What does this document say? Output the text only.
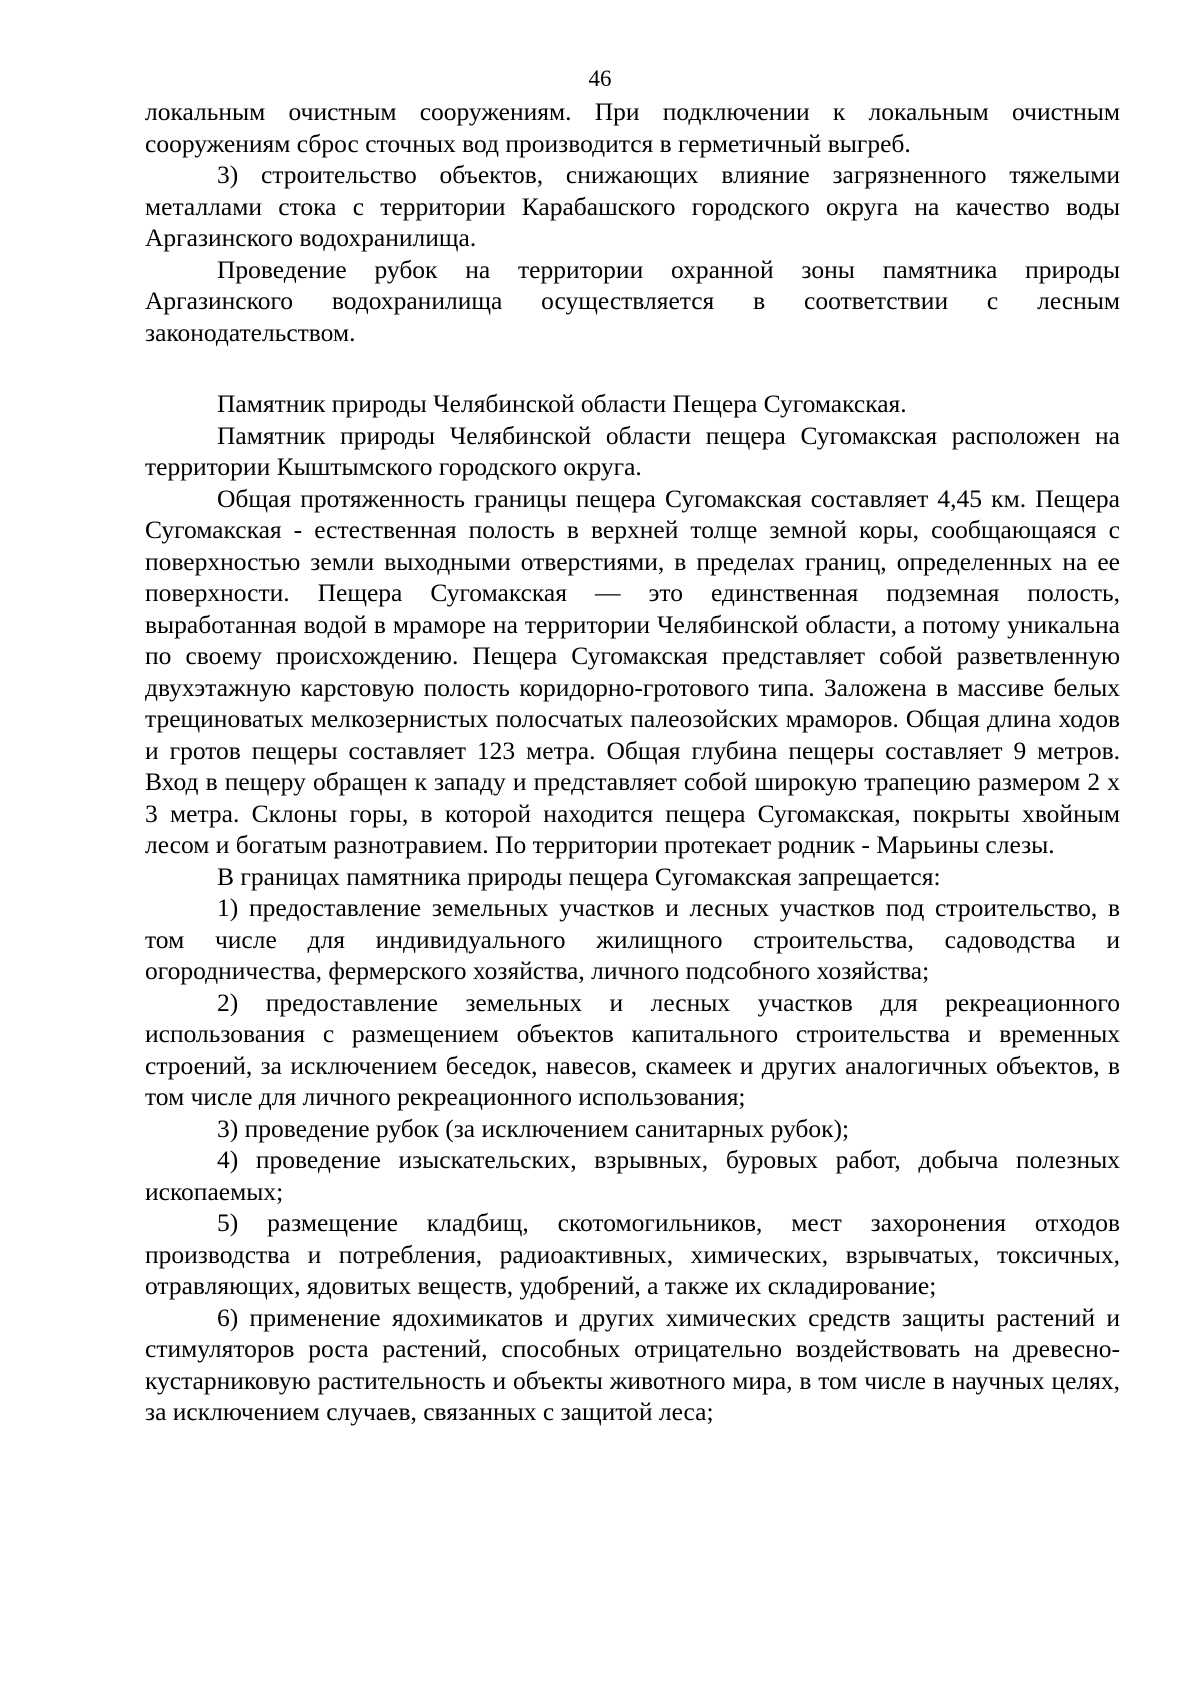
46

локальным очистным сооружениям. При подключении к локальным очистным сооружениям сброс сточных вод производится в герметичный выгреб.

3) строительство объектов, снижающих влияние загрязненного тяжелыми металлами стока с территории Карабашского городского округа на качество воды Аргазинского водохранилища.

Проведение рубок на территории охранной зоны памятника природы Аргазинского водохранилища осуществляется в соответствии с лесным законодательством.

Памятник природы Челябинской области Пещера Сугомакская.

Памятник природы Челябинской области пещера Сугомакская расположен на территории Кыштымского городского округа.

Общая протяженность границы пещера Сугомакская составляет 4,45 км. Пещера Сугомакская - естественная полость в верхней толще земной коры, сообщающаяся с поверхностью земли выходными отверстиями, в пределах границ, определенных на ее поверхности. Пещера Сугомакская — это единственная подземная полость, выработанная водой в мраморе на территории Челябинской области, а потому уникальна по своему происхождению. Пещера Сугомакская представляет собой разветвленную двухэтажную карстовую полость коридорно-гротового типа. Заложена в массиве белых трещиноватых мелкозернистых полосчатых палеозойских мраморов. Общая длина ходов и гротов пещеры составляет 123 метра. Общая глубина пещеры составляет 9 метров. Вход в пещеру обращен к западу и представляет собой широкую трапецию размером 2 х 3 метра. Склоны горы, в которой находится пещера Сугомакская, покрыты хвойным лесом и богатым разнотравием. По территории протекает родник - Марьины слезы.

В границах памятника природы пещера Сугомакская запрещается:

1) предоставление земельных участков и лесных участков под строительство, в том числе для индивидуального жилищного строительства, садоводства и огородничества, фермерского хозяйства, личного подсобного хозяйства;

2) предоставление земельных и лесных участков для рекреационного использования с размещением объектов капитального строительства и временных строений, за исключением беседок, навесов, скамеек и других аналогичных объектов, в том числе для личного рекреационного использования;

3) проведение рубок (за исключением санитарных рубок);

4) проведение изыскательских, взрывных, буровых работ, добыча полезных ископаемых;

5) размещение кладбищ, скотомогильников, мест захоронения отходов производства и потребления, радиоактивных, химических, взрывчатых, токсичных, отравляющих, ядовитых веществ, удобрений, а также их складирование;

6) применение ядохимикатов и других химических средств защиты растений и стимуляторов роста растений, способных отрицательно воздействовать на древесно-кустарниковую растительность и объекты животного мира, в том числе в научных целях, за исключением случаев, связанных с защитой леса;
